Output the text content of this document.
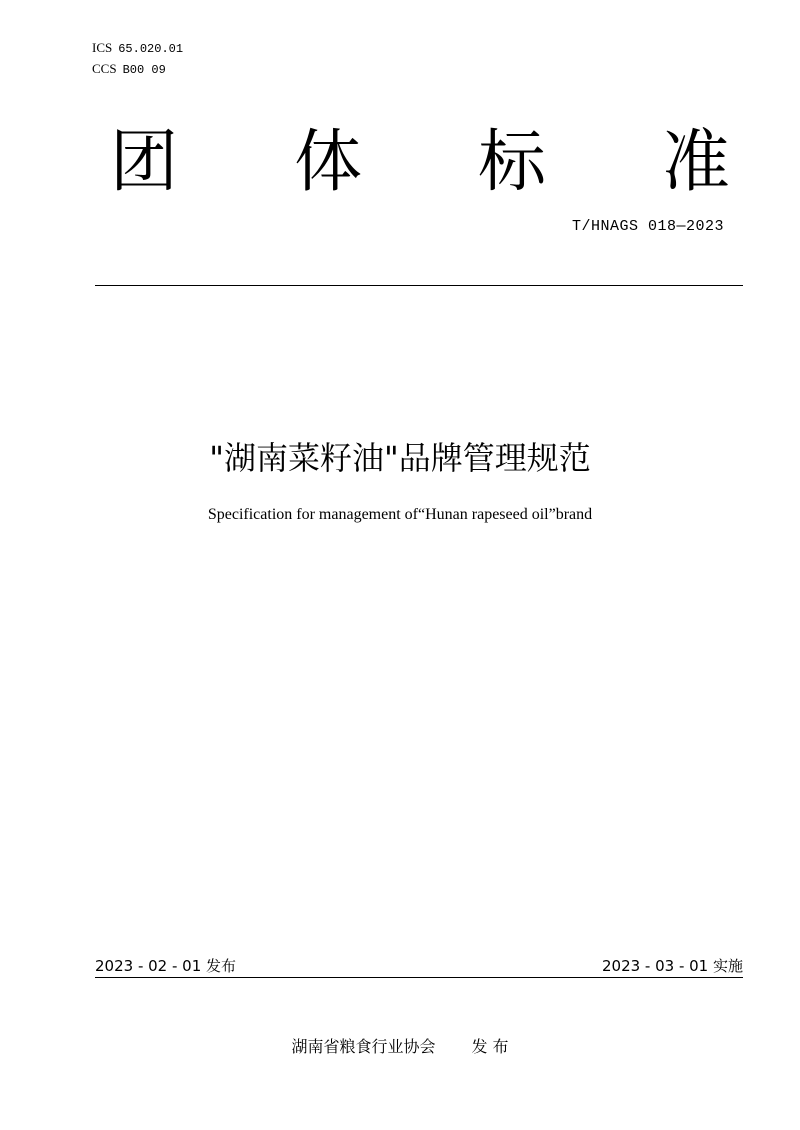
ICS 65.020.01
CCS B00 09
团 体 标 准
T/HNAGS 018—2023
"湖南菜籽油"品牌管理规范
Specification for management of“Hunan rapeseed oil”brand
2023 - 02 - 01 发布	2023 - 03 - 01 实施
湖南省粮食行业协会 发 布
